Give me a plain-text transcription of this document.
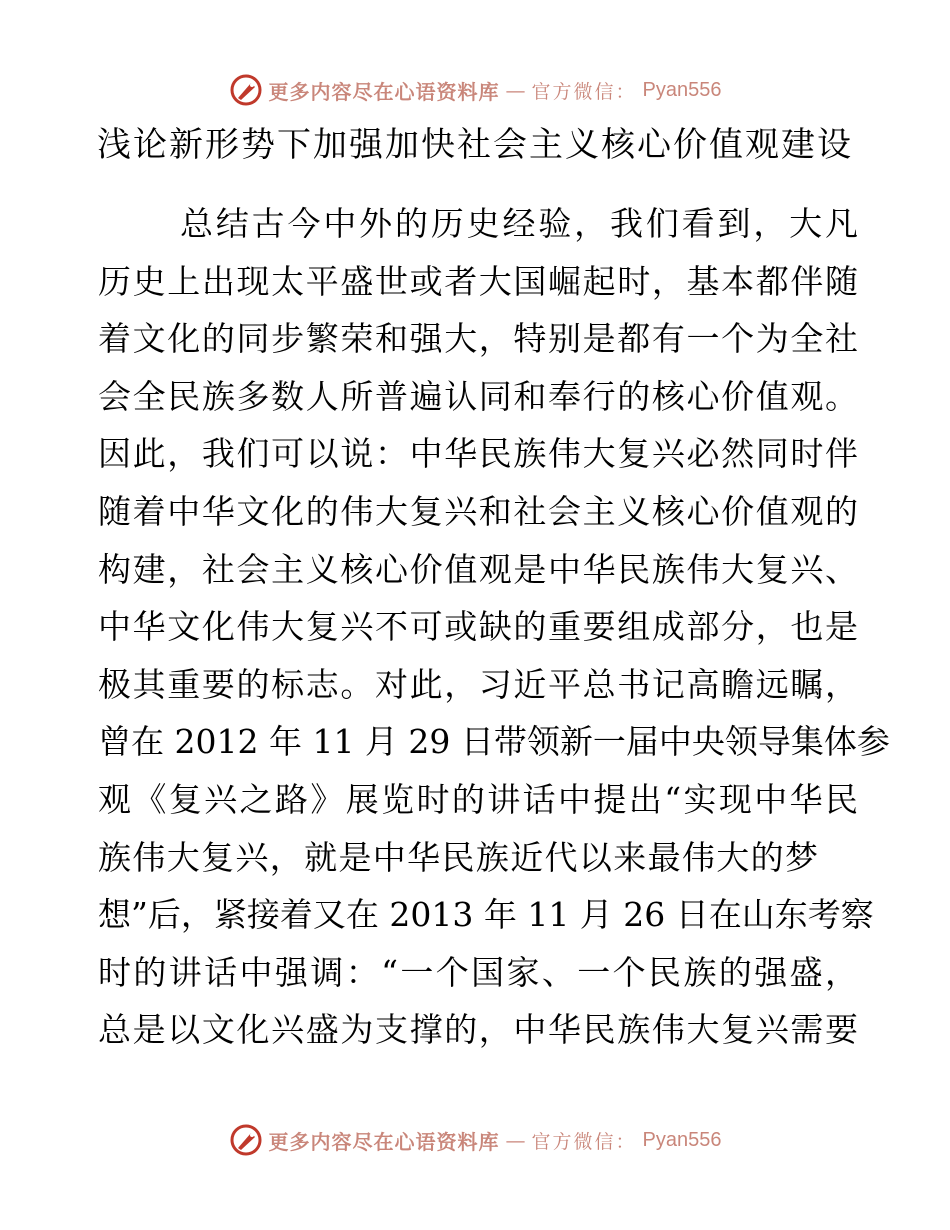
更多内容尽在心语资料库 — 官方微信： Pyan556
浅论新形势下加强加快社会主义核心价值观建设
总结古今中外的历史经验，我们看到，大凡
历史上出现太平盛世或者大国崛起时，基本都伴随
着文化的同步繁荣和强大，特别是都有一个为全社
会全民族多数人所普遍认同和奉行的核心价值观。
因此，我们可以说：中华民族伟大复兴必然同时伴
随着中华文化的伟大复兴和社会主义核心价值观的
构建，社会主义核心价值观是中华民族伟大复兴、
中华文化伟大复兴不可或缺的重要组成部分，也是
极其重要的标志。对此，习近平总书记高瞻远瞩，
曾在 2012 年 11 月 29 日带领新一届中央领导集体参
观《复兴之路》展览时的讲话中提出“实现中华民
族伟大复兴，就是中华民族近代以来最伟大的梦
想”后，紧接着又在 2013 年 11 月 26 日在山东考察
时的讲话中强调：“一个国家、一个民族的强盛，
总是以文化兴盛为支撑的，中华民族伟大复兴需要
更多内容尽在心语资料库 — 官方微信： Pyan556
